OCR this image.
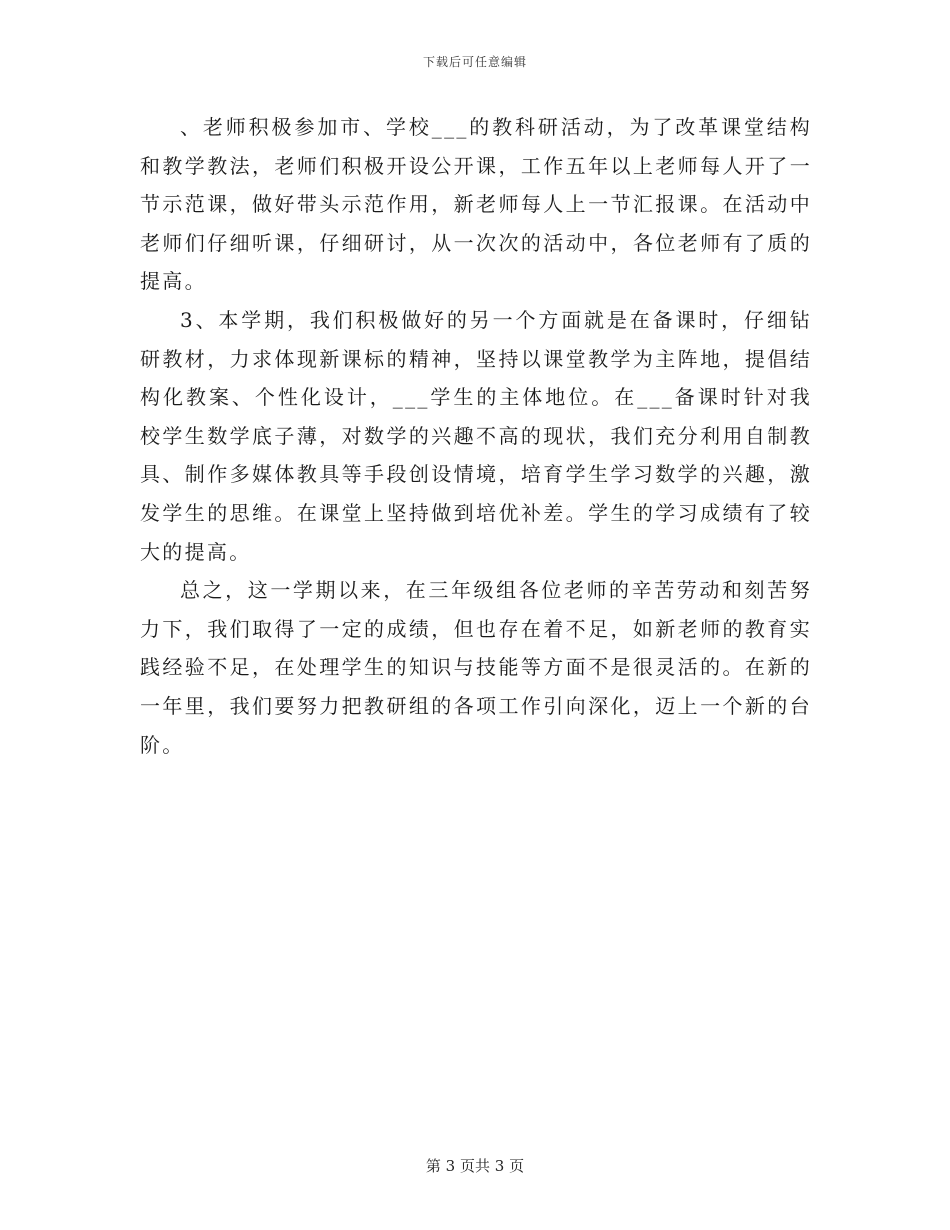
下载后可任意编辑

、老师积极参加市、学校___的教科研活动，为了改革课堂结构和教学教法，老师们积极开设公开课，工作五年以上老师每人开了一节示范课，做好带头示范作用，新老师每人上一节汇报课。在活动中老师们仔细听课，仔细研讨，从一次次的活动中，各位老师有了质的提高。

3、本学期，我们积极做好的另一个方面就是在备课时，仔细钻研教材，力求体现新课标的精神，坚持以课堂教学为主阵地，提倡结构化教案、个性化设计，___学生的主体地位。在___备课时针对我校学生数学底子薄，对数学的兴趣不高的现状，我们充分利用自制教具、制作多媒体教具等手段创设情境，培育学生学习数学的兴趣，激发学生的思维。在课堂上坚持做到培优补差。学生的学习成绩有了较大的提高。

总之，这一学期以来，在三年级组各位老师的辛苦劳动和刻苦努力下，我们取得了一定的成绩，但也存在着不足，如新老师的教育实践经验不足，在处理学生的知识与技能等方面不是很灵活的。在新的一年里，我们要努力把教研组的各项工作引向深化，迈上一个新的台阶。

第 3 页共 3 页
